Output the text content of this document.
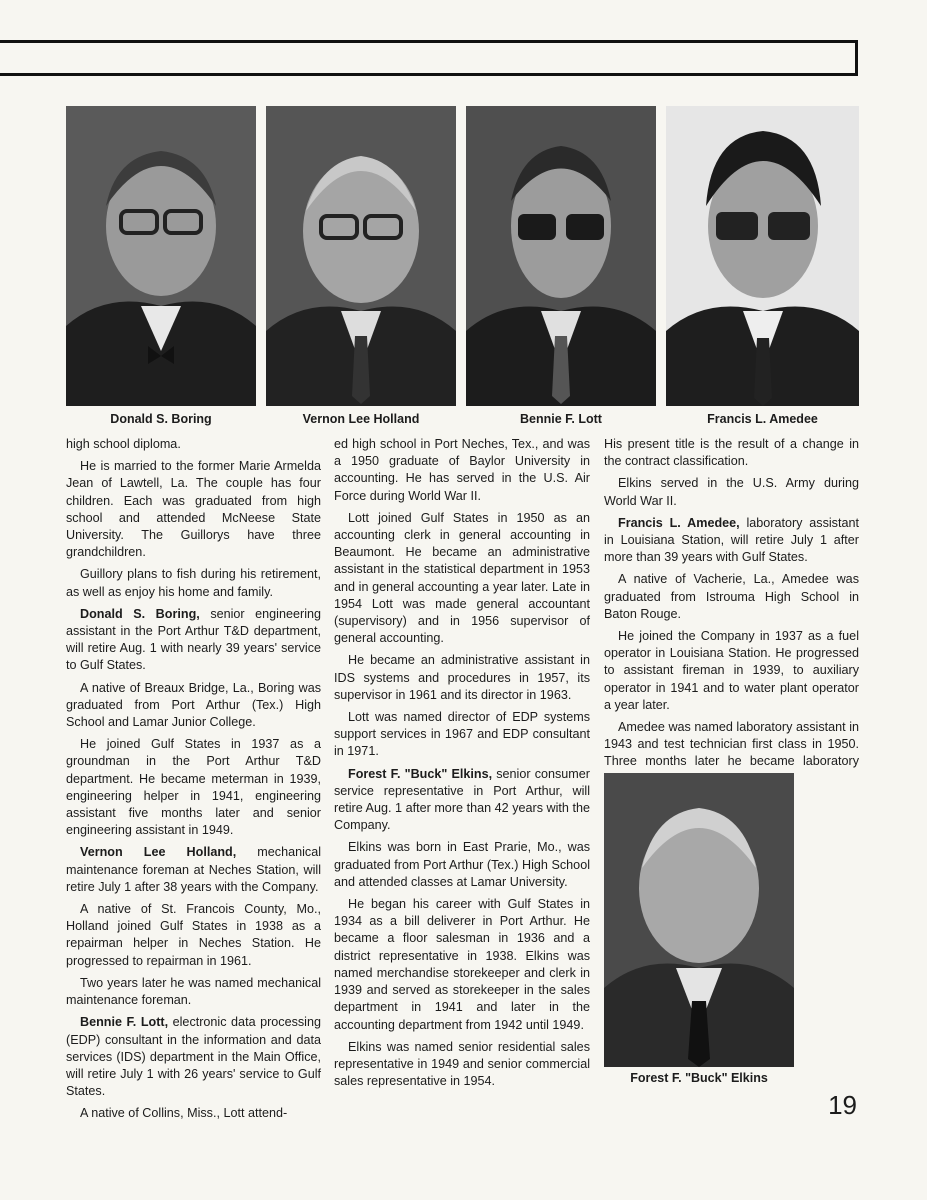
Donald S. Boring	Vernon Lee Holland	Bennie F. Lott	Francis L. Amedee

high school diploma.

He is married to the former Marie Armelda Jean of Lawtell, La. The couple has four children. Each was graduated from high school and attended McNeese State University. The Guillorys have three grandchildren.

Guillory plans to fish during his retirement, as well as enjoy his home and family.

Donald S. Boring, senior engineering assistant in the Port Arthur T&D department, will retire Aug. 1 with nearly 39 years' service to Gulf States.

A native of Breaux Bridge, La., Boring was graduated from Port Arthur (Tex.) High School and Lamar Junior College.

He joined Gulf States in 1937 as a groundman in the Port Arthur T&D department. He became meterman in 1939, engineering helper in 1941, engineering assistant five months later and senior engineering assistant in 1949.

Vernon Lee Holland, mechanical maintenance foreman at Neches Station, will retire July 1 after 38 years with the Company.

A native of St. Francois County, Mo., Holland joined Gulf States in 1938 as a repairman helper in Neches Station. He progressed to repairman in 1961.

Two years later he was named mechanical maintenance foreman.

Bennie F. Lott, electronic data processing (EDP) consultant in the information and data services (IDS) department in the Main Office, will retire July 1 with 26 years' service to Gulf States.

A native of Collins, Miss., Lott attend-

ed high school in Port Neches, Tex., and was a 1950 graduate of Baylor University in accounting. He has served in the U.S. Air Force during World War II.

Lott joined Gulf States in 1950 as an accounting clerk in general accounting in Beaumont. He became an administrative assistant in the statistical department in 1953 and in general accounting a year later. Late in 1954 Lott was made general accountant (supervisory) and in 1956 supervisor of general accounting.

He became an administrative assistant in IDS systems and procedures in 1957, its supervisor in 1961 and its director in 1963.

Lott was named director of EDP systems support services in 1967 and EDP consultant in 1971.

Forest F. "Buck" Elkins, senior consumer service representative in Port Arthur, will retire Aug. 1 after more than 42 years with the Company.

Elkins was born in East Prarie, Mo., was graduated from Port Arthur (Tex.) High School and attended classes at Lamar University.

He began his career with Gulf States in 1934 as a bill deliverer in Port Arthur. He became a floor salesman in 1936 and a district representative in 1938. Elkins was named merchandise storekeeper and clerk in 1939 and served as storekeeper in the sales department in 1941 and later in the accounting department from 1942 until 1949.

Elkins was named senior residential sales representative in 1949 and senior commercial sales representative in 1954.

His present title is the result of a change in the contract classification.

Elkins served in the U.S. Army during World War II.

Francis L. Amedee, laboratory assistant in Louisiana Station, will retire July 1 after more than 39 years with Gulf States.

A native of Vacherie, La., Amedee was graduated from Istrouma High School in Baton Rouge.

He joined the Company in 1937 as a fuel operator in Louisiana Station. He progressed to assistant fireman in 1939, to auxiliary operator in 1941 and to water plant operator a year later.

Amedee was named laboratory assistant in 1943 and test technician first class in 1950. Three months later he became laboratory

Forest F. "Buck" Elkins
19
